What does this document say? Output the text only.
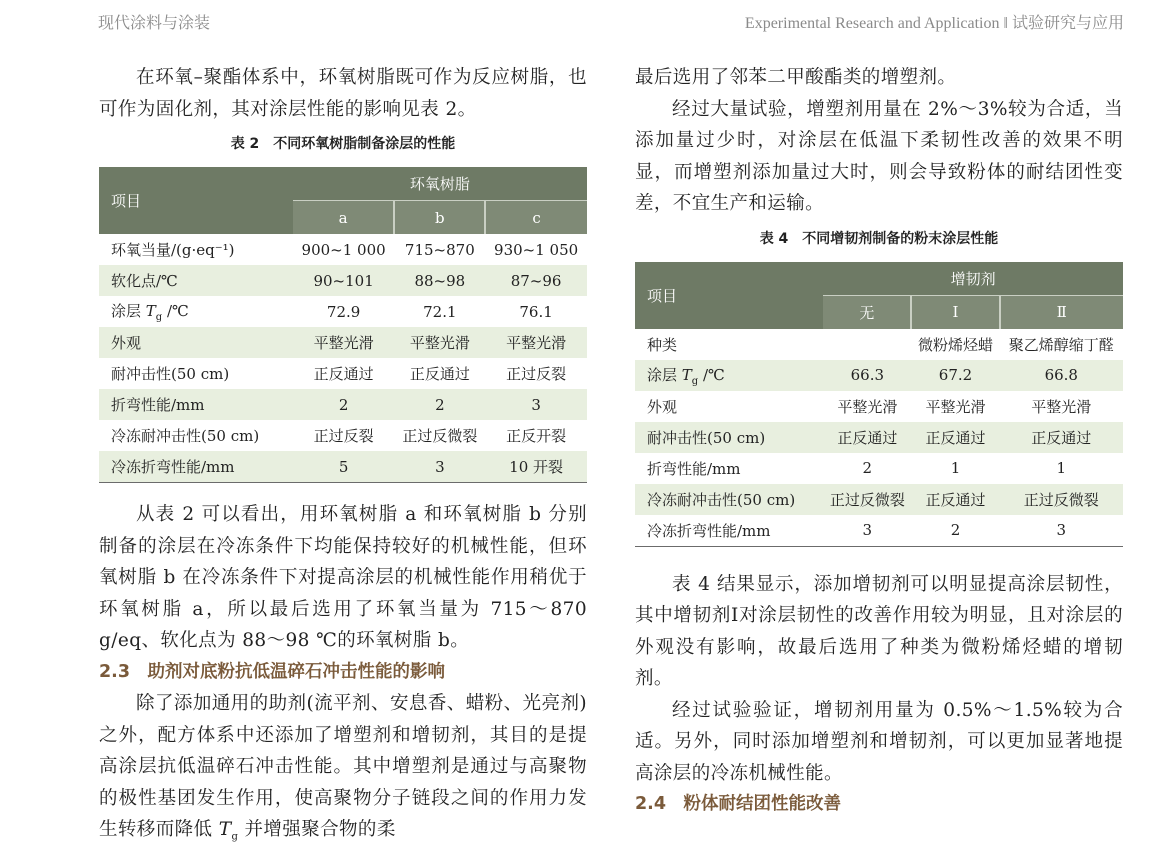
现代涂料与涂装	Experimental Research and Application ‖ 试验研究与应用

在环氧–聚酯体系中，环氧树脂既可作为反应树脂，也可作为固化剂，其对涂层性能的影响见表 2。

表 2　不同环氧树脂制备涂层的性能
项目	环氧树脂		
	a	b	c
环氧当量/(g·eq⁻¹)	900~1 000	715~870	930~1 050
软化点/℃	90~101	88~98	87~96
涂层 $T_g$ /℃	72.9	72.1	76.1
外观	平整光滑	平整光滑	平整光滑
耐冲击性(50 cm)	正反通过	正反通过	正过反裂
折弯性能/mm	2	2	3
冷冻耐冲击性(50 cm)	正过反裂	正过反微裂	正反开裂
冷冻折弯性能/mm	5	3	10 开裂

从表 2 可以看出，用环氧树脂 a 和环氧树脂 b 分别制备的涂层在冷冻条件下均能保持较好的机械性能，但环氧树脂 b 在冷冻条件下对提高涂层的机械性能作用稍优于环氧树脂 a，所以最后选用了环氧当量为 715～870 g/eq、软化点为 88～98 ℃的环氧树脂 b。

2.3　助剂对底粉抗低温碎石冲击性能的影响

除了添加通用的助剂(流平剂、安息香、蜡粉、光亮剂)之外，配方体系中还添加了增塑剂和增韧剂，其目的是提高涂层抗低温碎石冲击性能。其中增塑剂是通过与高聚物的极性基团发生作用，使高聚物分子链段之间的作用力发生转移而降低 $T_g$ 并增强聚合物的柔

最后选用了邻苯二甲酸酯类的增塑剂。

经过大量试验，增塑剂用量在 2%～3%较为合适，当添加量过少时，对涂层在低温下柔韧性改善的效果不明显，而增塑剂添加量过大时，则会导致粉体的耐结团性变差，不宜生产和运输。

表 4　不同增韧剂制备的粉末涂层性能
项目	增韧剂		
	无	Ⅰ	Ⅱ
种类		微粉烯烃蜡	聚乙烯醇缩丁醛
涂层 $T_g$ /℃	66.3	67.2	66.8
外观	平整光滑	平整光滑	平整光滑
耐冲击性(50 cm)	正反通过	正反通过	正反通过
折弯性能/mm	2	1	1
冷冻耐冲击性(50 cm)	正过反微裂	正反通过	正过反微裂
冷冻折弯性能/mm	3	2	3

表 4 结果显示，添加增韧剂可以明显提高涂层韧性，其中增韧剂Ⅰ对涂层韧性的改善作用较为明显，且对涂层的外观没有影响，故最后选用了种类为微粉烯烃蜡的增韧剂。

经过试验验证，增韧剂用量为 0.5%～1.5%较为合适。另外，同时添加增塑剂和增韧剂，可以更加显著地提高涂层的冷冻机械性能。

2.4　粉体耐结团性能改善
